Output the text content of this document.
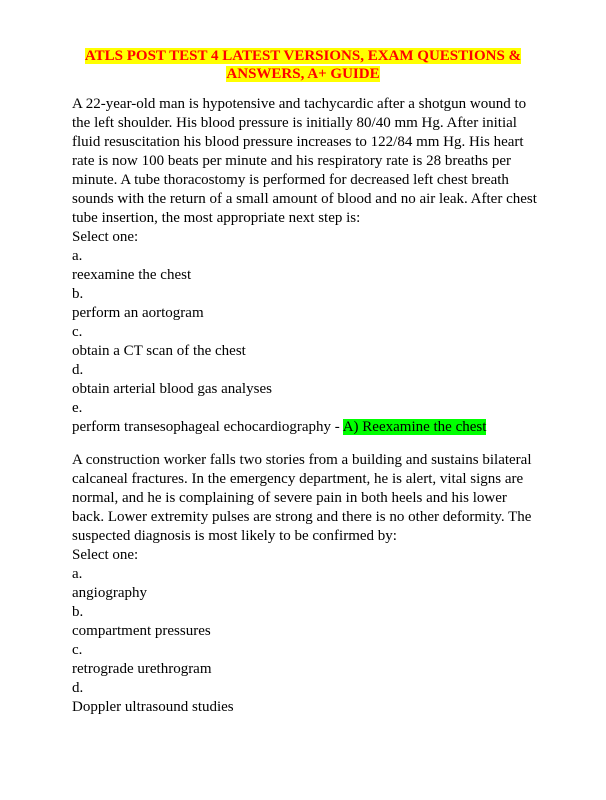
ATLS POST TEST 4 LATEST VERSIONS, EXAM QUESTIONS & ANSWERS, A+ GUIDE
A 22-year-old man is hypotensive and tachycardic after a shotgun wound to the left shoulder. His blood pressure is initially 80/40 mm Hg. After initial fluid resuscitation his blood pressure increases to 122/84 mm Hg. His heart rate is now 100 beats per minute and his respiratory rate is 28 breaths per minute. A tube thoracostomy is performed for decreased left chest breath sounds with the return of a small amount of blood and no air leak. After chest tube insertion, the most appropriate next step is:
Select one:
a.
reexamine the chest
b.
perform an aortogram
c.
obtain a CT scan of the chest
d.
obtain arterial blood gas analyses
e.
perform transesophageal echocardiography - A) Reexamine the chest
A construction worker falls two stories from a building and sustains bilateral calcaneal fractures. In the emergency department, he is alert, vital signs are normal, and he is complaining of severe pain in both heels and his lower back. Lower extremity pulses are strong and there is no other deformity. The suspected diagnosis is most likely to be confirmed by:
Select one:
a.
angiography
b.
compartment pressures
c.
retrograde urethrogram
d.
Doppler ultrasound studies
